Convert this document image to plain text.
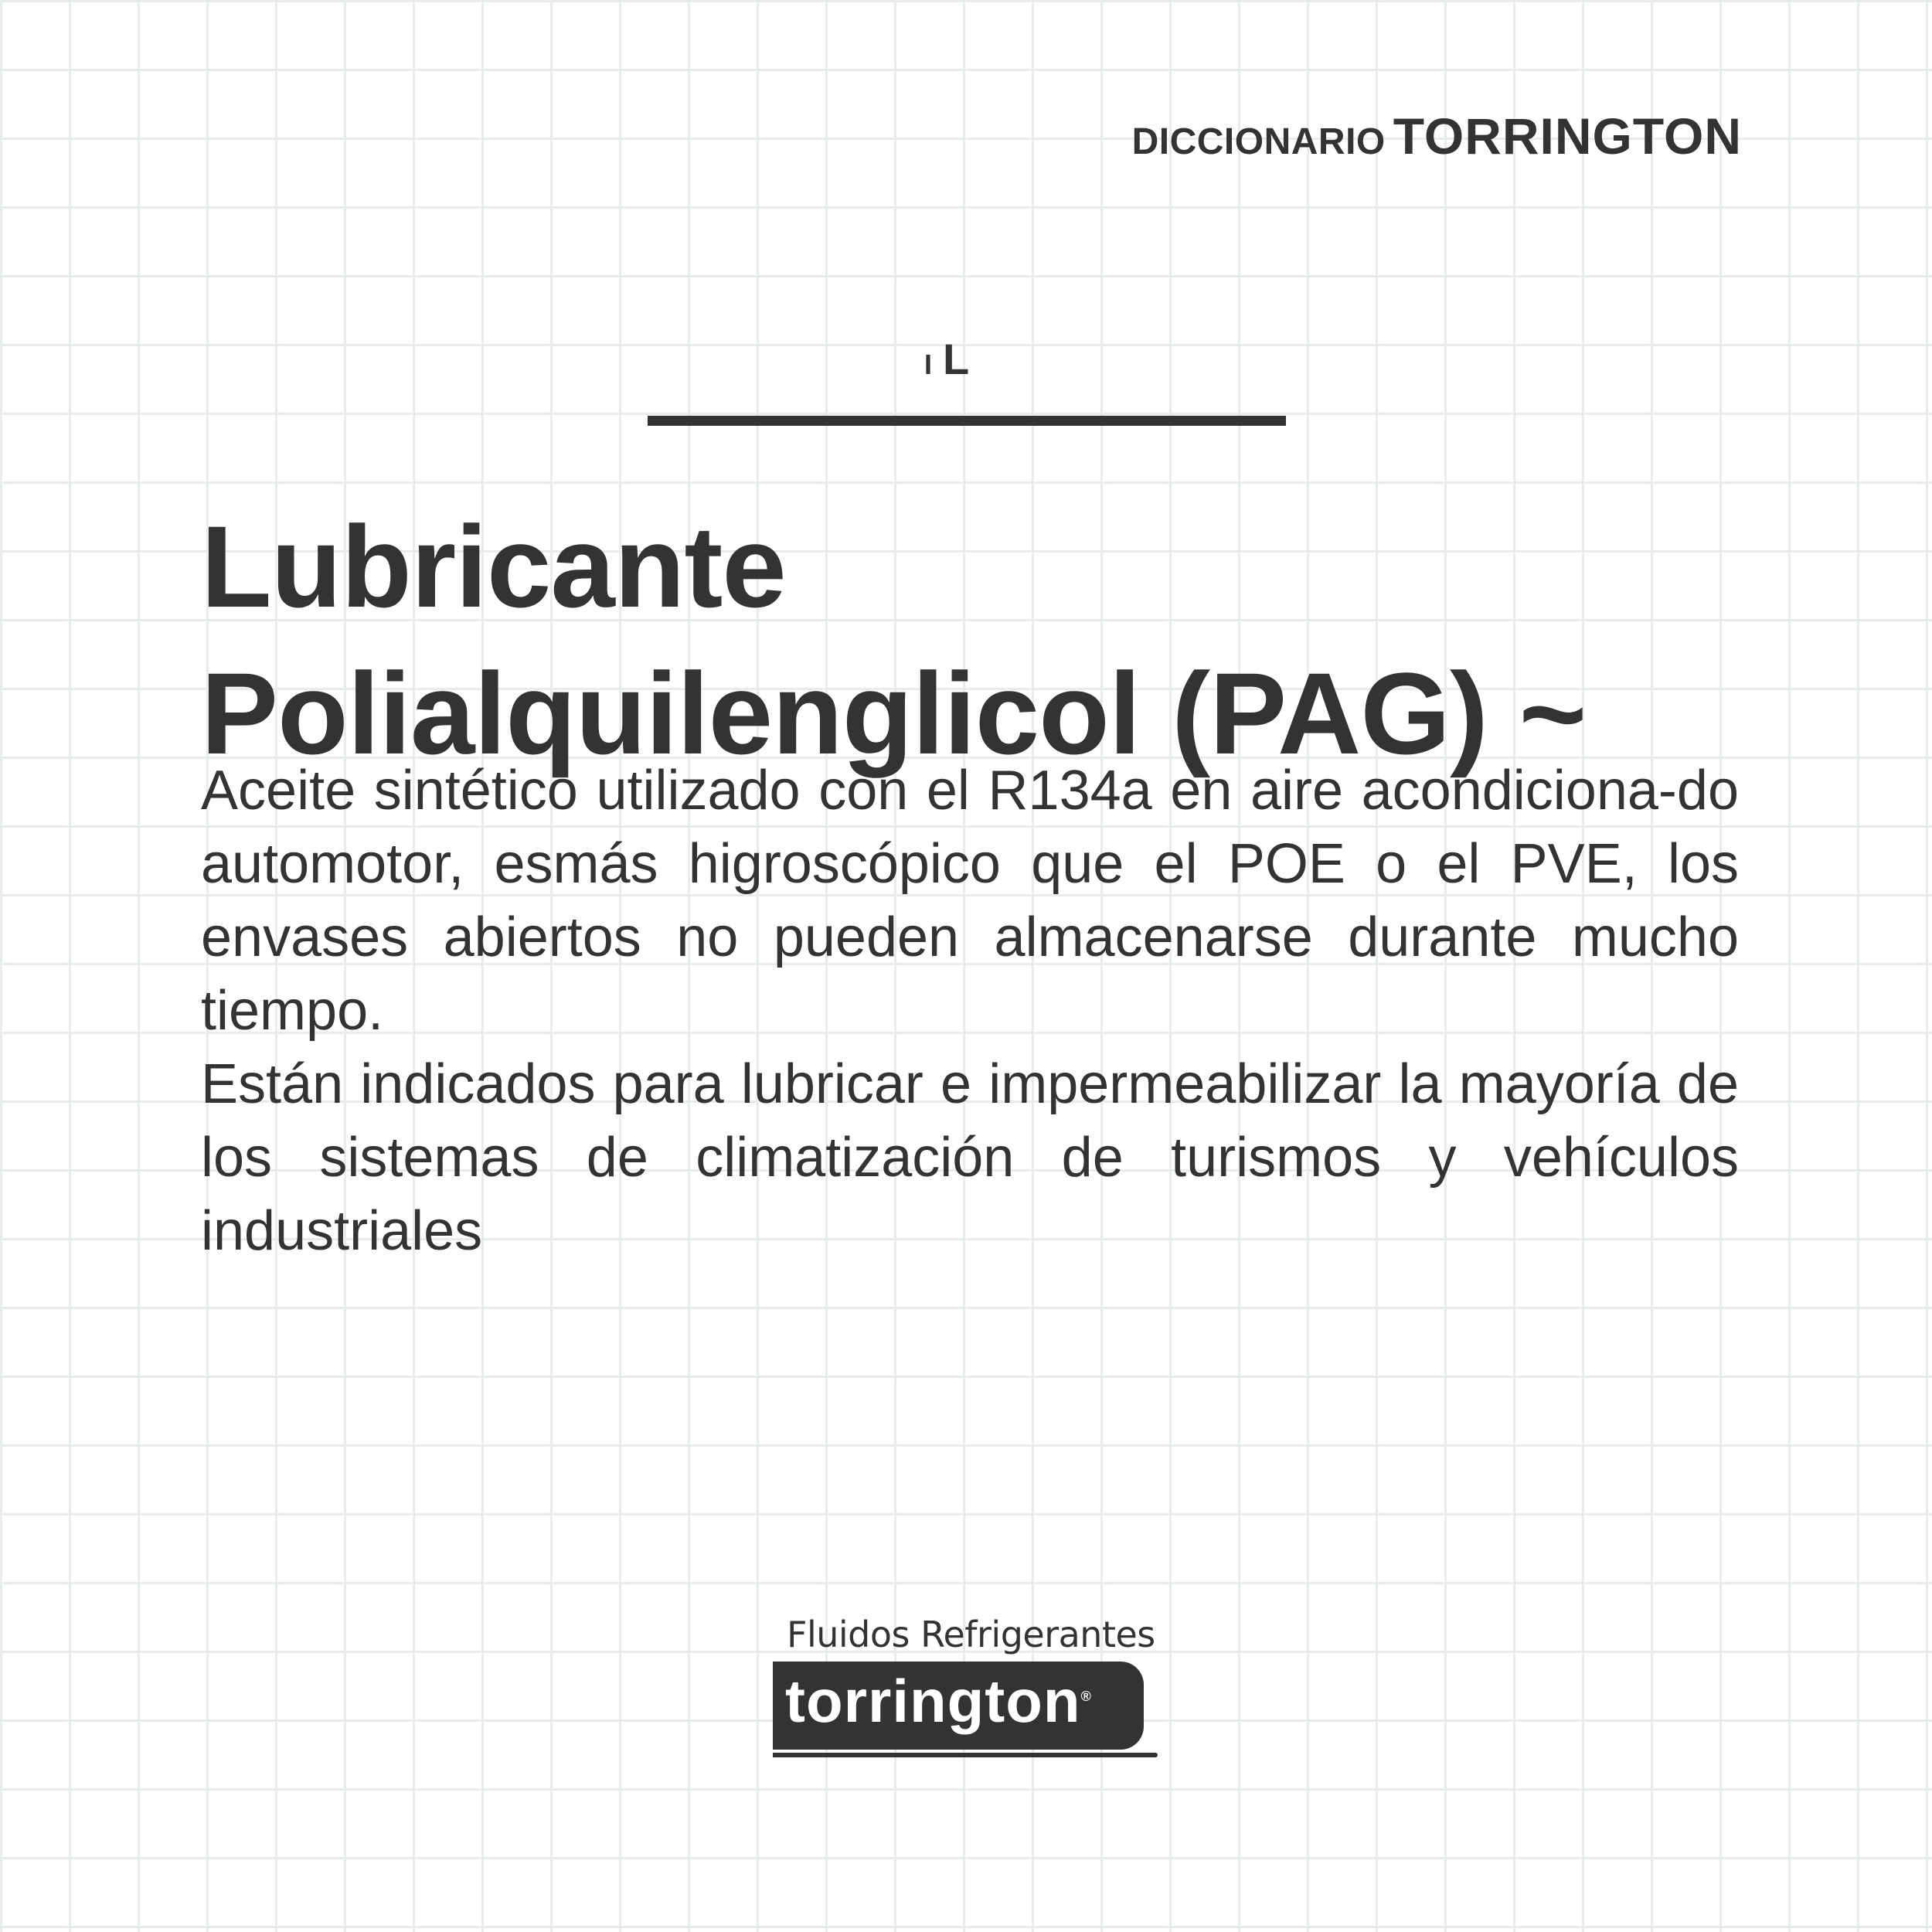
DICCIONARIO TORRINGTON
I L
Lubricante Polialquilenglicol (PAG) ~

Aceite sintético utilizado con el R134a en aire acondiciona-do automotor, esmás higroscópico que el POE o el PVE, los envases abiertos no pueden almacenarse durante mucho tiempo.

Están indicados para lubricar e impermeabilizar la mayoría de los sistemas de climatización de turismos y vehículos industriales

Fluidos Refrigerantes
torrington®
